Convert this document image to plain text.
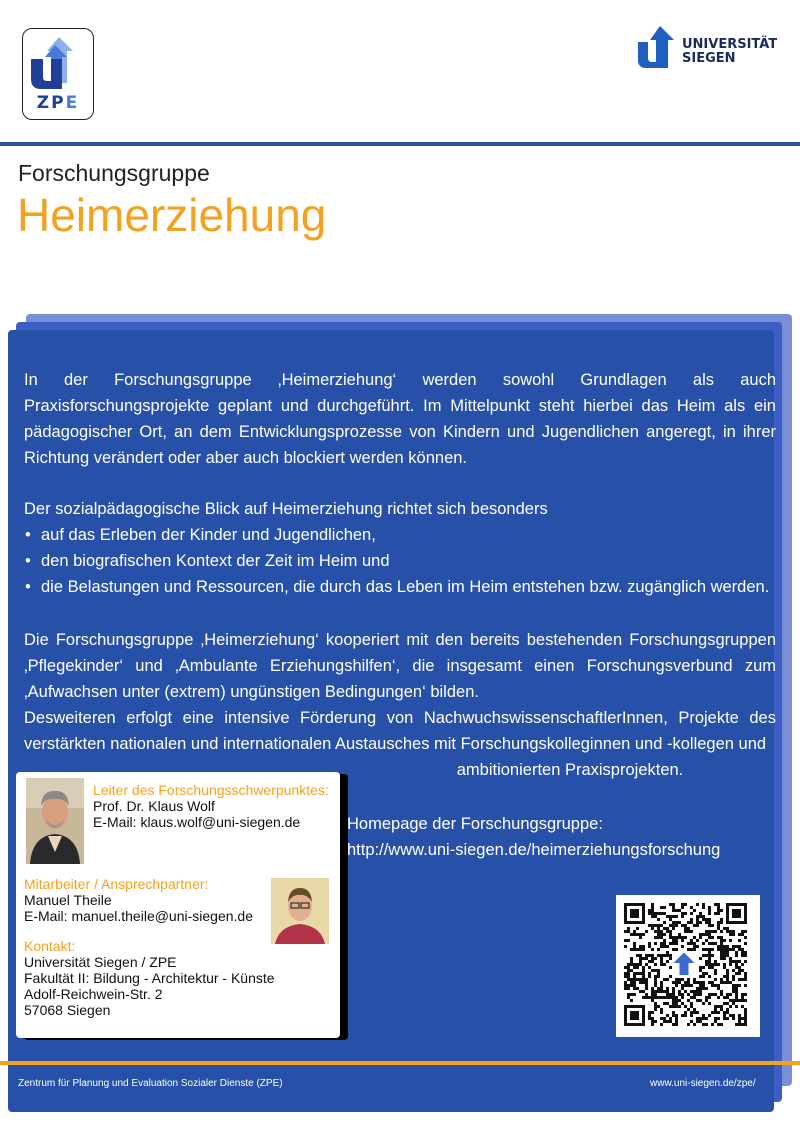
ZPE
UNIVERSITÄT
SIEGEN
Forschungsgruppe
Heimerziehung
In der Forschungsgruppe ‚Heimerziehung‘ werden sowohl Grundlagen als auch Praxisforschungsprojekte geplant und durchgeführt. Im Mittelpunkt steht hierbei das Heim als ein pädagogischer Ort, an dem Entwicklungsprozesse von Kindern und Jugendlichen angeregt, in ihrer Richtung verändert oder aber auch blockiert werden können.
Der sozialpädagogische Blick auf Heimerziehung richtet sich besonders
• auf das Erleben der Kinder und Jugendlichen,
• den biografischen Kontext der Zeit im Heim und
• die Belastungen und Ressourcen, die durch das Leben im Heim entstehen bzw. zugänglich werden.
Die Forschungsgruppe ‚Heimerziehung‘ kooperiert mit den bereits bestehenden Forschungsgruppen ‚Pflegekinder‘ und ‚Ambulante Erziehungshilfen‘, die insgesamt einen Forschungsverbund zum ‚Aufwachsen unter (extrem) ungünstigen Bedingungen‘ bilden.
Desweiteren erfolgt eine intensive Förderung von NachwuchswissenschaftlerInnen, Projekte des verstärkten nationalen und internationalen Austausches mit Forschungskolleginnen und -kollegen und
ambitionierten Praxisprojekten.
Homepage der Forschungsgruppe:
http://www.uni-siegen.de/heimerziehungsforschung
Leiter des Forschungsschwerpunktes:
Prof. Dr. Klaus Wolf
E-Mail: klaus.wolf@uni-siegen.de
Mitarbeiter / Ansprechpartner:
Manuel Theile
E-Mail: manuel.theile@uni-siegen.de
Kontakt:
Universität Siegen / ZPE
Fakultät II: Bildung - Architektur - Künste
Adolf-Reichwein-Str. 2
57068 Siegen
Zentrum für Planung und Evaluation Sozialer Dienste (ZPE)	www.uni-siegen.de/zpe/
